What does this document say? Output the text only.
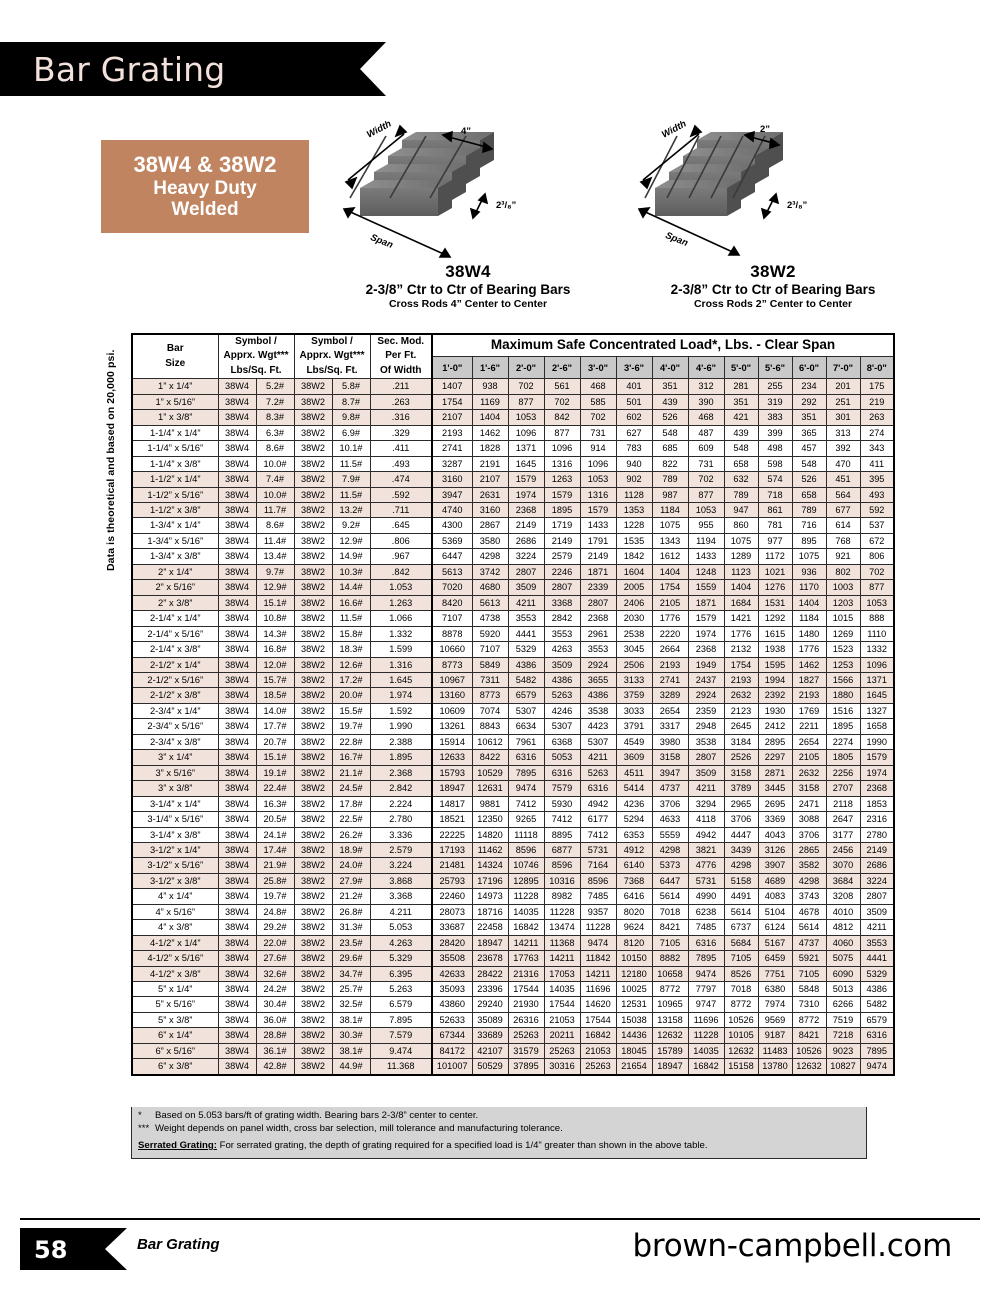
Bar Grating
38W4 & 38W2
Heavy Duty
Welded
Width
Span
4”
2³/₈”
38W4
2-3/8” Ctr to Ctr of Bearing Bars
Cross Rods 4” Center to Center
Width
Span
2”
2³/₈”
38W2
2-3/8” Ctr to Ctr of Bearing Bars
Cross Rods 2” Center to Center
Data is theoretical and based on 20,000 psi.
Bar
Size	Symbol /
Apprx. Wgt***
Lbs/Sq. Ft.		Symbol /
Apprx. Wgt***
Lbs/Sq. Ft.		Sec. Mod.
Per Ft.
Of Width	Maximum Safe Concentrated Load*, Lbs. - Clear Span												
						1'-0"	1'-6"	2'-0"	2'-6"	3'-0"	3'-6"	4'-0"	4'-6"	5'-0"	5'-6"	6'-0"	7'-0"	8'-0"
1” x 1/4”	38W4	5.2#	38W2	5.8#	.211	1407	938	702	561	468	401	351	312	281	255	234	201	175
1” x 5/16”	38W4	7.2#	38W2	8.7#	.263	1754	1169	877	702	585	501	439	390	351	319	292	251	219
1” x 3/8”	38W4	8.3#	38W2	9.8#	.316	2107	1404	1053	842	702	602	526	468	421	383	351	301	263
1-1/4” x 1/4”	38W4	6.3#	38W2	6.9#	.329	2193	1462	1096	877	731	627	548	487	439	399	365	313	274
1-1/4” x 5/16”	38W4	8.6#	38W2	10.1#	.411	2741	1828	1371	1096	914	783	685	609	548	498	457	392	343
1-1/4” x 3/8”	38W4	10.0#	38W2	11.5#	.493	3287	2191	1645	1316	1096	940	822	731	658	598	548	470	411
1-1/2” x 1/4”	38W4	7.4#	38W2	7.9#	.474	3160	2107	1579	1263	1053	902	789	702	632	574	526	451	395
1-1/2” x 5/16”	38W4	10.0#	38W2	11.5#	.592	3947	2631	1974	1579	1316	1128	987	877	789	718	658	564	493
1-1/2” x 3/8”	38W4	11.7#	38W2	13.2#	.711	4740	3160	2368	1895	1579	1353	1184	1053	947	861	789	677	592
1-3/4” x 1/4”	38W4	8.6#	38W2	9.2#	.645	4300	2867	2149	1719	1433	1228	1075	955	860	781	716	614	537
1-3/4” x 5/16”	38W4	11.4#	38W2	12.9#	.806	5369	3580	2686	2149	1791	1535	1343	1194	1075	977	895	768	672
1-3/4” x 3/8”	38W4	13.4#	38W2	14.9#	.967	6447	4298	3224	2579	2149	1842	1612	1433	1289	1172	1075	921	806
2” x 1/4”	38W4	9.7#	38W2	10.3#	.842	5613	3742	2807	2246	1871	1604	1404	1248	1123	1021	936	802	702
2” x 5/16”	38W4	12.9#	38W2	14.4#	1.053	7020	4680	3509	2807	2339	2005	1754	1559	1404	1276	1170	1003	877
2” x 3/8”	38W4	15.1#	38W2	16.6#	1.263	8420	5613	4211	3368	2807	2406	2105	1871	1684	1531	1404	1203	1053
2-1/4” x 1/4”	38W4	10.8#	38W2	11.5#	1.066	7107	4738	3553	2842	2368	2030	1776	1579	1421	1292	1184	1015	888
2-1/4” x 5/16”	38W4	14.3#	38W2	15.8#	1.332	8878	5920	4441	3553	2961	2538	2220	1974	1776	1615	1480	1269	1110
2-1/4” x 3/8”	38W4	16.8#	38W2	18.3#	1.599	10660	7107	5329	4263	3553	3045	2664	2368	2132	1938	1776	1523	1332
2-1/2” x 1/4”	38W4	12.0#	38W2	12.6#	1.316	8773	5849	4386	3509	2924	2506	2193	1949	1754	1595	1462	1253	1096
2-1/2” x 5/16”	38W4	15.7#	38W2	17.2#	1.645	10967	7311	5482	4386	3655	3133	2741	2437	2193	1994	1827	1566	1371
2-1/2” x 3/8”	38W4	18.5#	38W2	20.0#	1.974	13160	8773	6579	5263	4386	3759	3289	2924	2632	2392	2193	1880	1645
2-3/4” x 1/4”	38W4	14.0#	38W2	15.5#	1.592	10609	7074	5307	4246	3538	3033	2654	2359	2123	1930	1769	1516	1327
2-3/4” x 5/16”	38W4	17.7#	38W2	19.7#	1.990	13261	8843	6634	5307	4423	3791	3317	2948	2645	2412	2211	1895	1658
2-3/4” x 3/8”	38W4	20.7#	38W2	22.8#	2.388	15914	10612	7961	6368	5307	4549	3980	3538	3184	2895	2654	2274	1990
3” x 1/4”	38W4	15.1#	38W2	16.7#	1.895	12633	8422	6316	5053	4211	3609	3158	2807	2526	2297	2105	1805	1579
3” x 5/16”	38W4	19.1#	38W2	21.1#	2.368	15793	10529	7895	6316	5263	4511	3947	3509	3158	2871	2632	2256	1974
3” x 3/8”	38W4	22.4#	38W2	24.5#	2.842	18947	12631	9474	7579	6316	5414	4737	4211	3789	3445	3158	2707	2368
3-1/4” x 1/4”	38W4	16.3#	38W2	17.8#	2.224	14817	9881	7412	5930	4942	4236	3706	3294	2965	2695	2471	2118	1853
3-1/4” x 5/16”	38W4	20.5#	38W2	22.5#	2.780	18521	12350	9265	7412	6177	5294	4633	4118	3706	3369	3088	2647	2316
3-1/4” x 3/8”	38W4	24.1#	38W2	26.2#	3.336	22225	14820	11118	8895	7412	6353	5559	4942	4447	4043	3706	3177	2780
3-1/2” x 1/4”	38W4	17.4#	38W2	18.9#	2.579	17193	11462	8596	6877	5731	4912	4298	3821	3439	3126	2865	2456	2149
3-1/2” x 5/16”	38W4	21.9#	38W2	24.0#	3.224	21481	14324	10746	8596	7164	6140	5373	4776	4298	3907	3582	3070	2686
3-1/2” x 3/8”	38W4	25.8#	38W2	27.9#	3.868	25793	17196	12895	10316	8596	7368	6447	5731	5158	4689	4298	3684	3224
4” x 1/4”	38W4	19.7#	38W2	21.2#	3.368	22460	14973	11228	8982	7485	6416	5614	4990	4491	4083	3743	3208	2807
4” x 5/16”	38W4	24.8#	38W2	26.8#	4.211	28073	18716	14035	11228	9357	8020	7018	6238	5614	5104	4678	4010	3509
4” x 3/8”	38W4	29.2#	38W2	31.3#	5.053	33687	22458	16842	13474	11228	9624	8421	7485	6737	6124	5614	4812	4211
4-1/2” x 1/4”	38W4	22.0#	38W2	23.5#	4.263	28420	18947	14211	11368	9474	8120	7105	6316	5684	5167	4737	4060	3553
4-1/2” x 5/16”	38W4	27.6#	38W2	29.6#	5.329	35508	23678	17763	14211	11842	10150	8882	7895	7105	6459	5921	5075	4441
4-1/2” x 3/8”	38W4	32.6#	38W2	34.7#	6.395	42633	28422	21316	17053	14211	12180	10658	9474	8526	7751	7105	6090	5329
5” x 1/4”	38W4	24.2#	38W2	25.7#	5.263	35093	23396	17544	14035	11696	10025	8772	7797	7018	6380	5848	5013	4386
5” x 5/16”	38W4	30.4#	38W2	32.5#	6.579	43860	29240	21930	17544	14620	12531	10965	9747	8772	7974	7310	6266	5482
5” x 3/8”	38W4	36.0#	38W2	38.1#	7.895	52633	35089	26316	21053	17544	15038	13158	11696	10526	9569	8772	7519	6579
6” x 1/4”	38W4	28.8#	38W2	30.3#	7.579	67344	33689	25263	20211	16842	14436	12632	11228	10105	9187	8421	7218	6316
6” x 5/16”	38W4	36.1#	38W2	38.1#	9.474	84172	42107	31579	25263	21053	18045	15789	14035	12632	11483	10526	9023	7895
6” x 3/8”	38W4	42.8#	38W2	44.9#	11.368	101007	50529	37895	30316	25263	21654	18947	16842	15158	13780	12632	10827	9474
* Based on 5.053 bars/ft of grating width. Bearing bars 2-3/8” center to center.
*** Weight depends on panel width, cross bar selection, mill tolerance and manufacturing tolerance.
Serrated Grating: For serrated grating, the depth of grating required for a specified load is 1/4” greater than shown in the above table.
58	Bar Grating	brown-campbell.com
